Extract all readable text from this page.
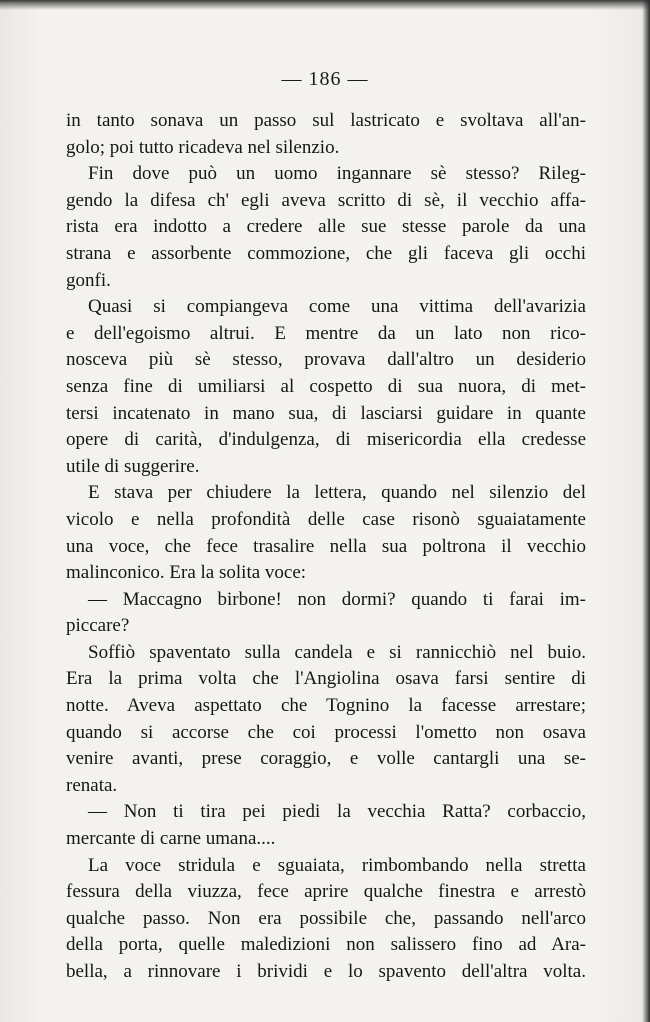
— 186 —
in tanto sonava un passo sul lastricato e svoltava all'an-
golo; poi tutto ricadeva nel silenzio.
Fin dove può un uomo ingannare sè stesso? Rileg-
gendo la difesa ch' egli aveva scritto di sè, il vecchio affa-
rista era indotto a credere alle sue stesse parole da una
strana e assorbente commozione, che gli faceva gli occhi
gonfi.
Quasi si compiangeva come una vittima dell'avarizia
e dell'egoismo altrui. E mentre da un lato non rico-
nosceva più sè stesso, provava dall'altro un desiderio
senza fine di umiliarsi al cospetto di sua nuora, di met-
tersi incatenato in mano sua, di lasciarsi guidare in quante
opere di carità, d'indulgenza, di misericordia ella credesse
utile di suggerire.
E stava per chiudere la lettera, quando nel silenzio del
vicolo e nella profondità delle case risonò sguaiatamente
una voce, che fece trasalire nella sua poltrona il vecchio
malinconico. Era la solita voce:
— Maccagno birbone! non dormi? quando ti farai im-
piccare?
Soffiò spaventato sulla candela e si rannicchiò nel buio.
Era la prima volta che l'Angiolina osava farsi sentire di
notte. Aveva aspettato che Tognino la facesse arrestare;
quando si accorse che coi processi l'ometto non osava
venire avanti, prese coraggio, e volle cantargli una se-
renata.
— Non ti tira pei piedi la vecchia Ratta? corbaccio,
mercante di carne umana....
La voce stridula e sguaiata, rimbombando nella stretta
fessura della viuzza, fece aprire qualche finestra e arrestò
qualche passo. Non era possibile che, passando nell'arco
della porta, quelle maledizioni non salissero fino ad Ara-
bella, a rinnovare i brividi e lo spavento dell'altra volta.
